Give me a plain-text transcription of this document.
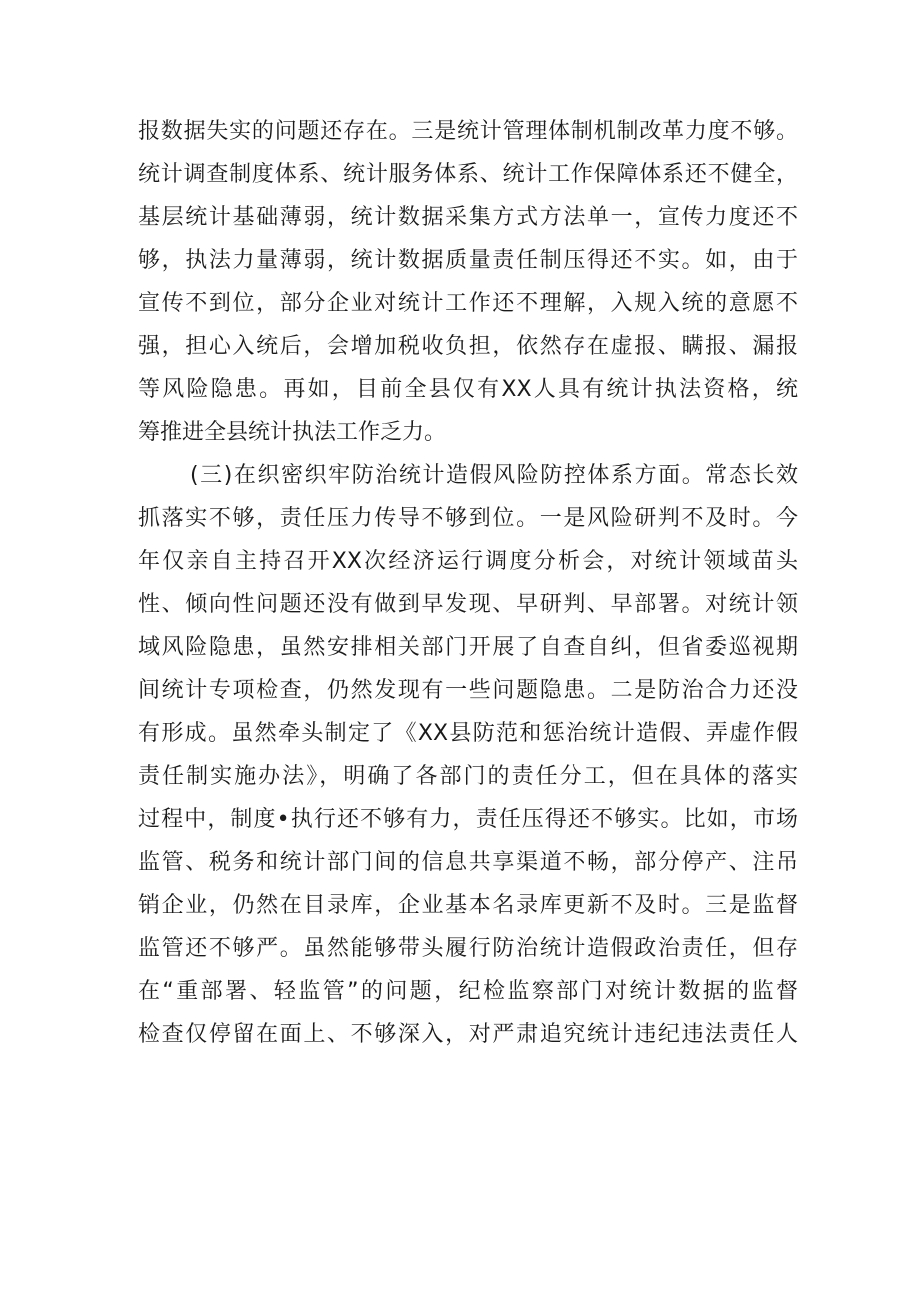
报数据失实的问题还存在。三是统计管理体制机制改革力度不够。
统计调查制度体系、统计服务体系、统计工作保障体系还不健全，
基层统计基础薄弱，统计数据采集方式方法单一，宣传力度还不
够，执法力量薄弱，统计数据质量责任制压得还不实。如，由于
宣传不到位，部分企业对统计工作还不理解，入规入统的意愿不
强，担心入统后，会增加税收负担，依然存在虚报、瞒报、漏报
等风险隐患。再如，目前全县仅有XX人具有统计执法资格，统
筹推进全县统计执法工作乏力。
(三)在织密织牢防治统计造假风险防控体系方面。常态长效
抓落实不够，责任压力传导不够到位。一是风险研判不及时。今
年仅亲自主持召开XX次经济运行调度分析会，对统计领域苗头
性、倾向性问题还没有做到早发现、早研判、早部署。对统计领
域风险隐患，虽然安排相关部门开展了自查自纠，但省委巡视期
间统计专项检查，仍然发现有一些问题隐患。二是防治合力还没
有形成。虽然牵头制定了《XX县防范和惩治统计造假、弄虚作假
责任制实施办法》，明确了各部门的责任分工，但在具体的落实
过程中，制度•执行还不够有力，责任压得还不够实。比如，市场
监管、税务和统计部门间的信息共享渠道不畅，部分停产、注吊
销企业，仍然在目录库，企业基本名录库更新不及时。三是监督
监管还不够严。虽然能够带头履行防治统计造假政治责任，但存
在“重部署、轻监管”的问题，纪检监察部门对统计数据的监督
检查仅停留在面上、不够深入，对严肃追究统计违纪违法责任人
